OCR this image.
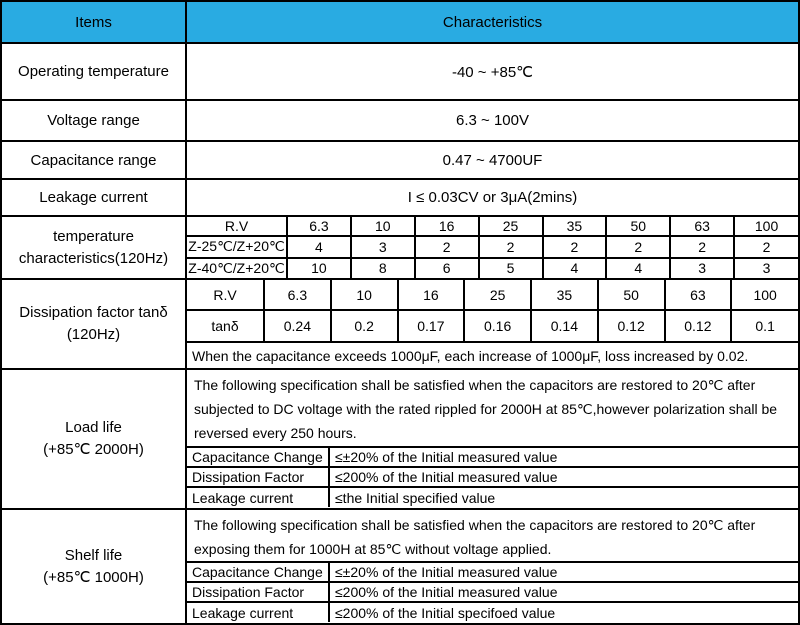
Items	Characteristics
Operating temperature	-40 ~ +85℃
Voltage range	6.3 ~ 100V
Capacitance range	0.47 ~ 4700UF
Leakage current	I ≤ 0.03CV or 3μA(2mins)

temperature
characteristics(120Hz)

R.V	6.3	10	16	25	35	50	63	100
Z-25℃/Z+20℃	4	3	2	2	2	2	2	2
Z-40℃/Z+20℃	10	8	6	5	4	4	3	3

Dissipation factor tanδ
(120Hz)

R.V	6.3	10	16	25	35	50	63	100
tanδ	0.24	0.2	0.17	0.16	0.14	0.12	0.12	0.1
When the capacitance exceeds 1000μF, each increase of 1000μF, loss increased by 0.02.

Load life
(+85℃ 2000H)

The following specification shall be satisfied when the capacitors are restored to 20℃ after subjected to DC voltage with the rated rippled for 2000H at 85℃,however polarization shall be reversed every 250 hours.

Capacitance Change	≤±20% of the Initial measured value
Dissipation Factor	≤200% of the Initial measured value
Leakage current	≤the Initial specified value

Shelf life
(+85℃ 1000H)

The following specification shall be satisfied when the capacitors are restored to 20℃ after exposing them for 1000H at 85℃ without voltage applied.

Capacitance Change	≤±20% of the Initial measured value
Dissipation Factor	≤200% of the Initial measured value
Leakage current	≤200% of the Initial specifoed value
